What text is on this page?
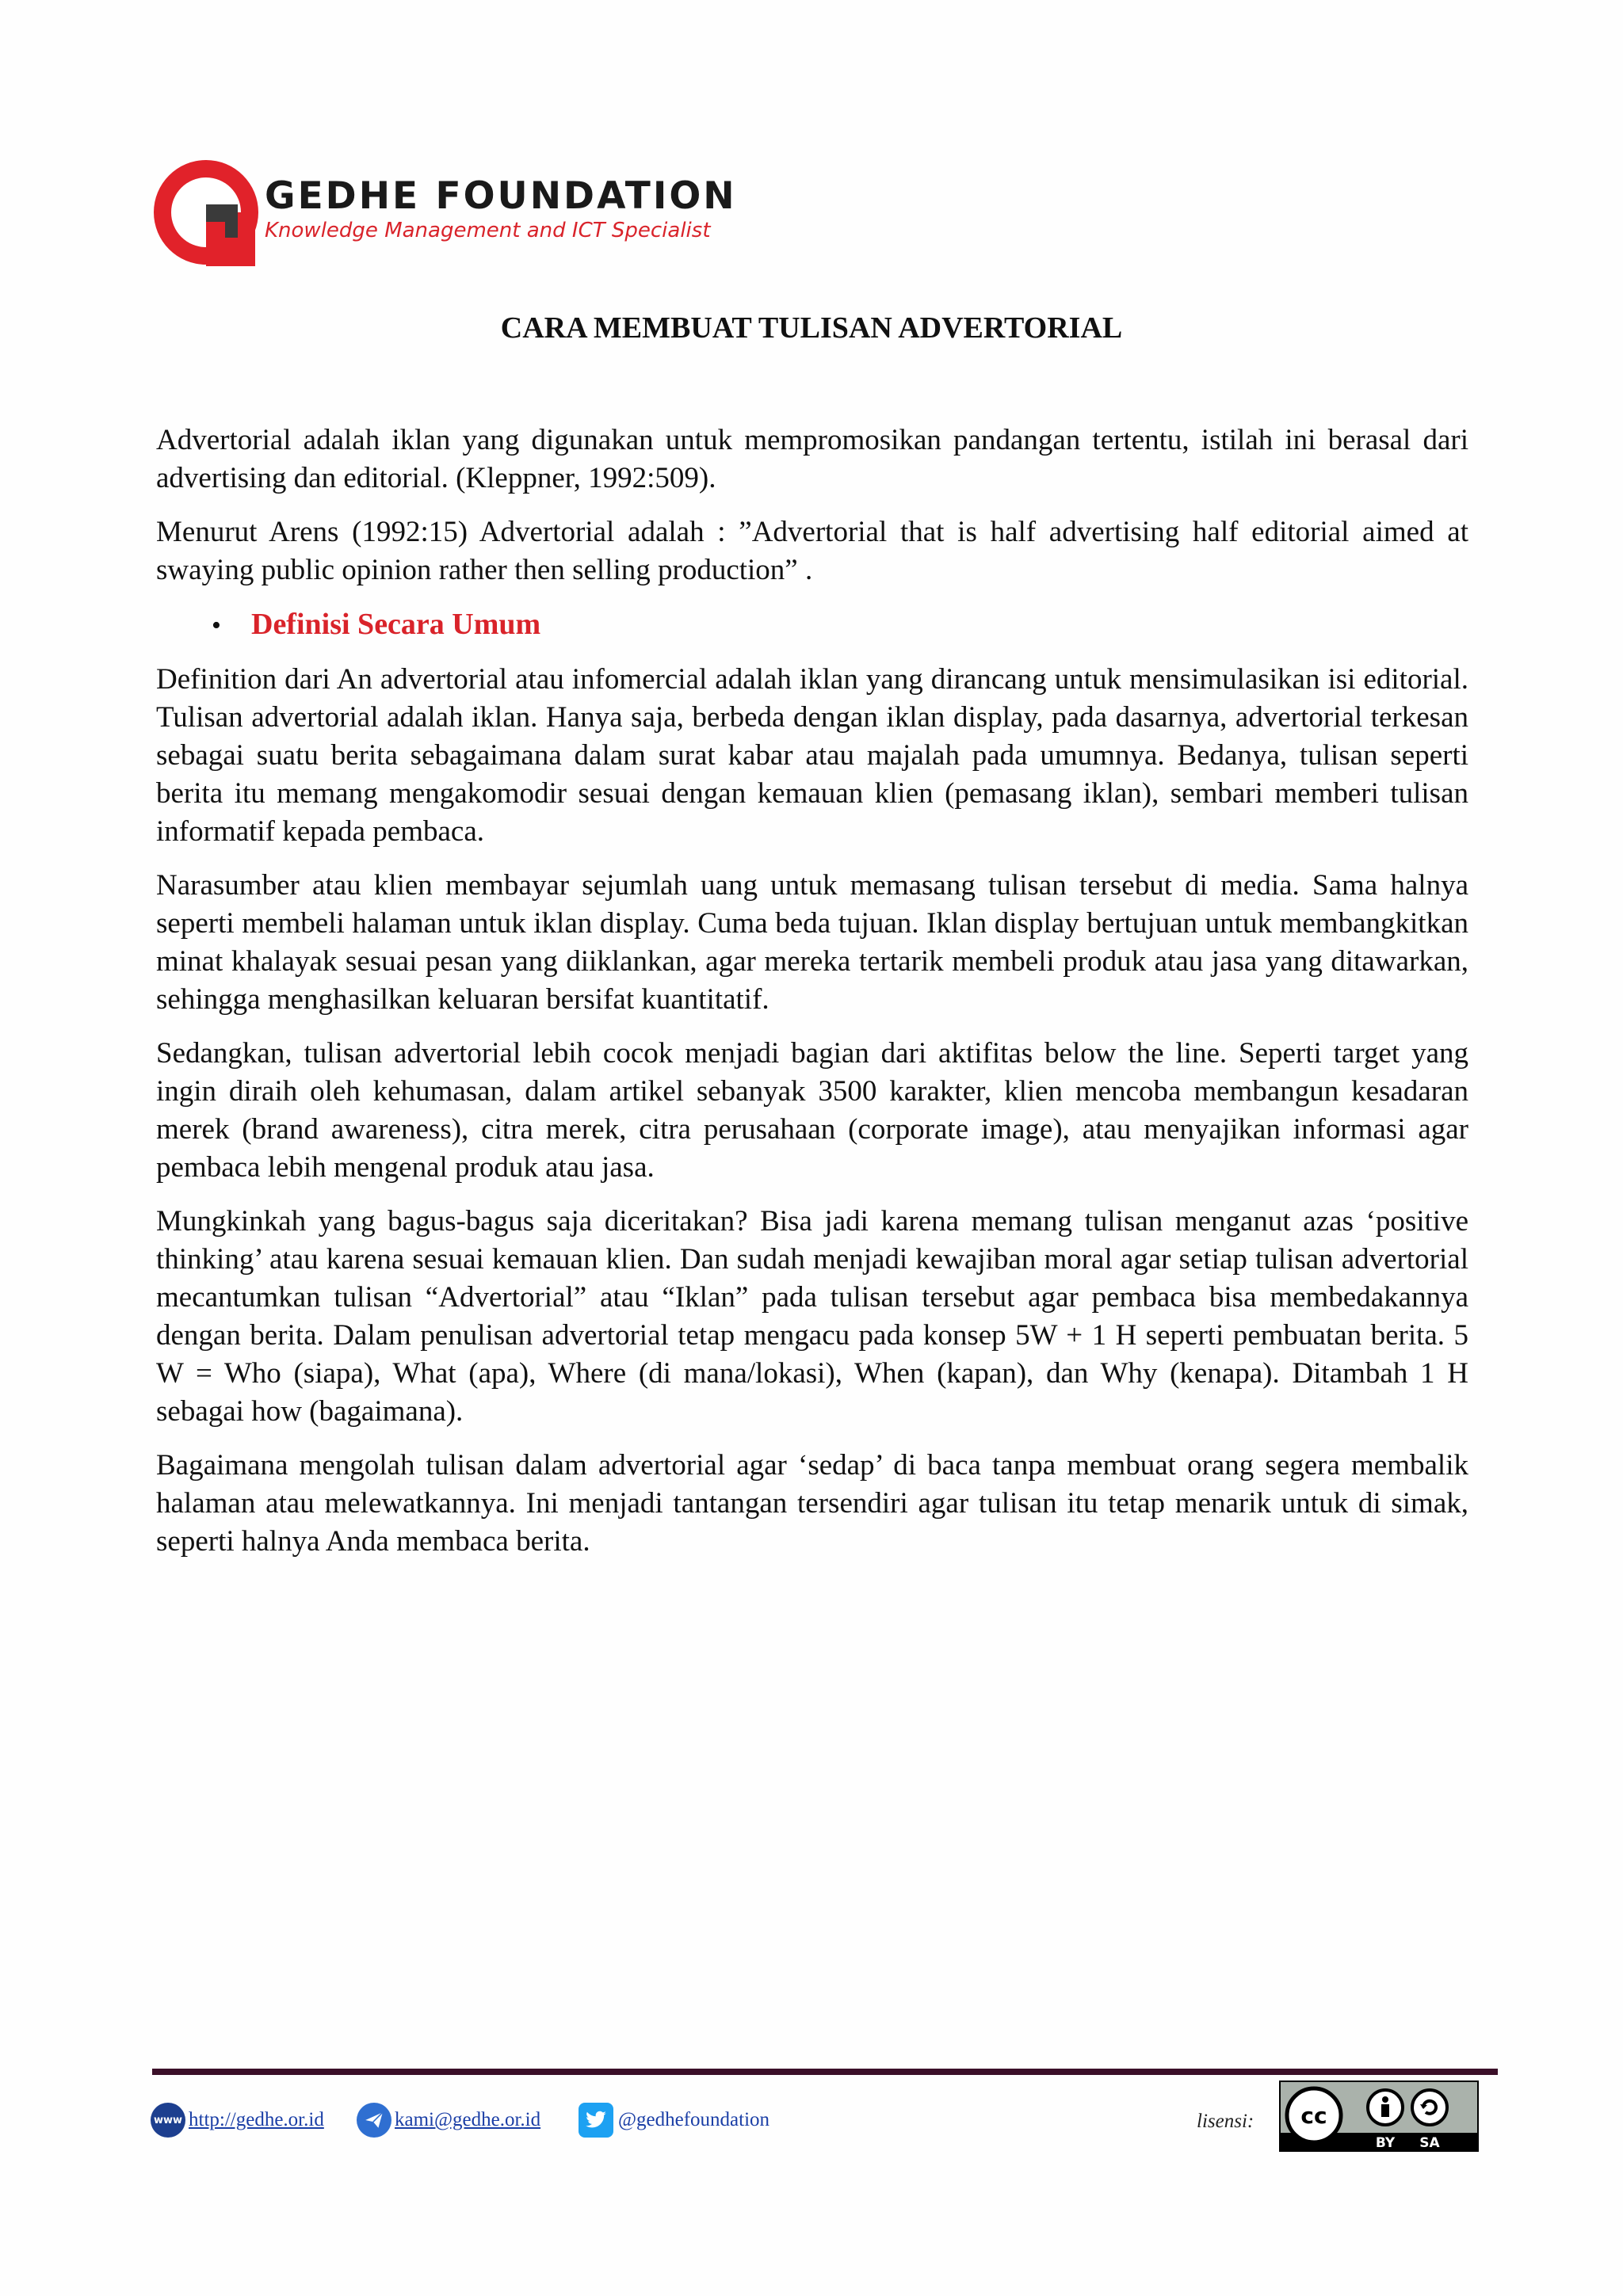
GEDHE FOUNDATION
Knowledge Management and ICT Specialist
CARA MEMBUAT TULISAN ADVERTORIAL

Advertorial adalah iklan yang digunakan untuk mempromosikan pandangan tertentu, istilah ini berasal dari advertising dan editorial. (Kleppner, 1992:509).

Menurut Arens (1992:15) Advertorial adalah : ”Advertorial that is half advertising half editorial aimed at swaying public opinion rather then selling production” .

•	Definisi Secara Umum

Definition dari An advertorial atau infomercial adalah iklan yang dirancang untuk mensimulasikan isi editorial. Tulisan advertorial adalah iklan. Hanya saja, berbeda dengan iklan display, pada dasarnya, advertorial terkesan sebagai suatu berita sebagaimana dalam surat kabar atau majalah pada umumnya. Bedanya, tulisan seperti berita itu memang mengakomodir sesuai dengan kemauan klien (pemasang iklan), sembari memberi tulisan informatif kepada pembaca.

Narasumber atau klien membayar sejumlah uang untuk memasang tulisan tersebut di media. Sama halnya seperti membeli halaman untuk iklan display. Cuma beda tujuan. Iklan display bertujuan untuk membangkitkan minat khalayak sesuai pesan yang diiklankan, agar mereka tertarik membeli produk atau jasa yang ditawarkan, sehingga menghasilkan keluaran bersifat kuantitatif.

Sedangkan, tulisan advertorial lebih cocok menjadi bagian dari aktifitas below the line. Seperti target yang ingin diraih oleh kehumasan, dalam artikel sebanyak 3500 karakter, klien mencoba membangun kesadaran merek (brand awareness), citra merek, citra perusahaan (corporate image), atau menyajikan informasi agar pembaca lebih mengenal produk atau jasa.

Mungkinkah yang bagus-bagus saja diceritakan? Bisa jadi karena memang tulisan menganut azas ‘positive thinking’ atau karena sesuai kemauan klien. Dan sudah menjadi kewajiban moral agar setiap tulisan advertorial mecantumkan tulisan “Advertorial” atau “Iklan” pada tulisan tersebut agar pembaca bisa membedakannya dengan berita. Dalam penulisan advertorial tetap mengacu pada konsep 5W + 1 H seperti pembuatan berita. 5 W = Who (siapa), What (apa), Where (di mana/lokasi), When (kapan), dan Why (kenapa). Ditambah 1 H sebagai how (bagaimana).

Bagaimana mengolah tulisan dalam advertorial agar ‘sedap’ di baca tanpa membuat orang segera membalik halaman atau melewatkannya. Ini menjadi tantangan tersendiri agar tulisan itu tetap menarik untuk di simak, seperti halnya Anda membaca berita.

www http://gedhe.or.id	kami@gedhe.or.id	@gedhefoundation	lisensi: cc
BY SA
